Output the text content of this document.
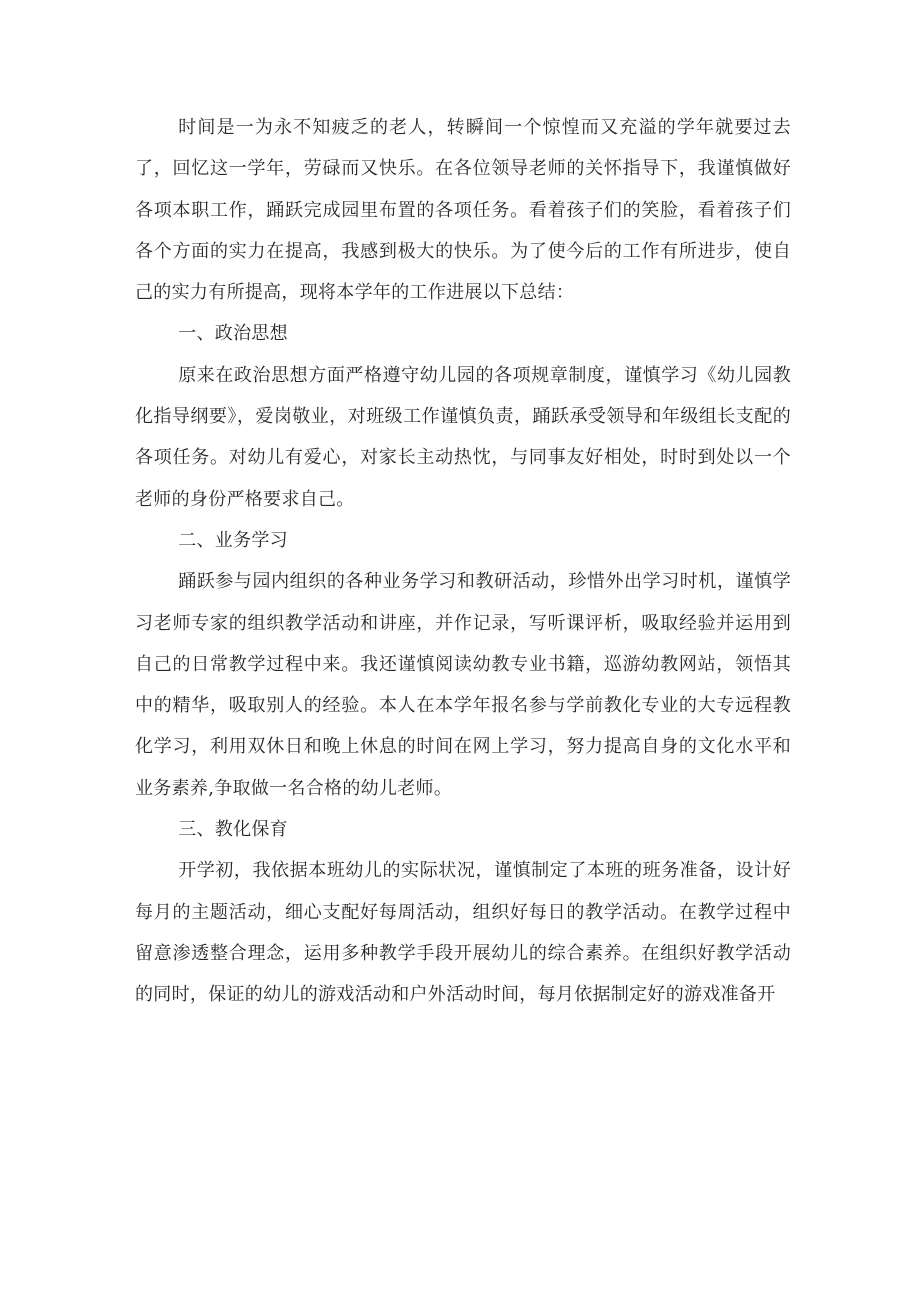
时间是一为永不知疲乏的老人，转瞬间一个惊惶而又充溢的学年就要过去了，回忆这一学年，劳碌而又快乐。在各位领导老师的关怀指导下，我谨慎做好各项本职工作，踊跃完成园里布置的各项任务。看着孩子们的笑脸，看着孩子们各个方面的实力在提高，我感到极大的快乐。为了使今后的工作有所进步，使自己的实力有所提高，现将本学年的工作进展以下总结：

一、政治思想

原来在政治思想方面严格遵守幼儿园的各项规章制度，谨慎学习《幼儿园教化指导纲要》，爱岗敬业，对班级工作谨慎负责，踊跃承受领导和年级组长支配的各项任务。对幼儿有爱心，对家长主动热忱，与同事友好相处，时时到处以一个老师的身份严格要求自己。

二、业务学习

踊跃参与园内组织的各种业务学习和教研活动，珍惜外出学习时机，谨慎学习老师专家的组织教学活动和讲座，并作记录，写听课评析，吸取经验并运用到自己的日常教学过程中来。我还谨慎阅读幼教专业书籍，巡游幼教网站，领悟其中的精华，吸取别人的经验。本人在本学年报名参与学前教化专业的大专远程教化学习，利用双休日和晚上休息的时间在网上学习，努力提高自身的文化水平和业务素养,争取做一名合格的幼儿老师。

三、教化保育

开学初，我依据本班幼儿的实际状况，谨慎制定了本班的班务准备，设计好每月的主题活动，细心支配好每周活动，组织好每日的教学活动。在教学过程中留意渗透整合理念，运用多种教学手段开展幼儿的综合素养。在组织好教学活动的同时，保证的幼儿的游戏活动和户外活动时间，每月依据制定好的游戏准备开
